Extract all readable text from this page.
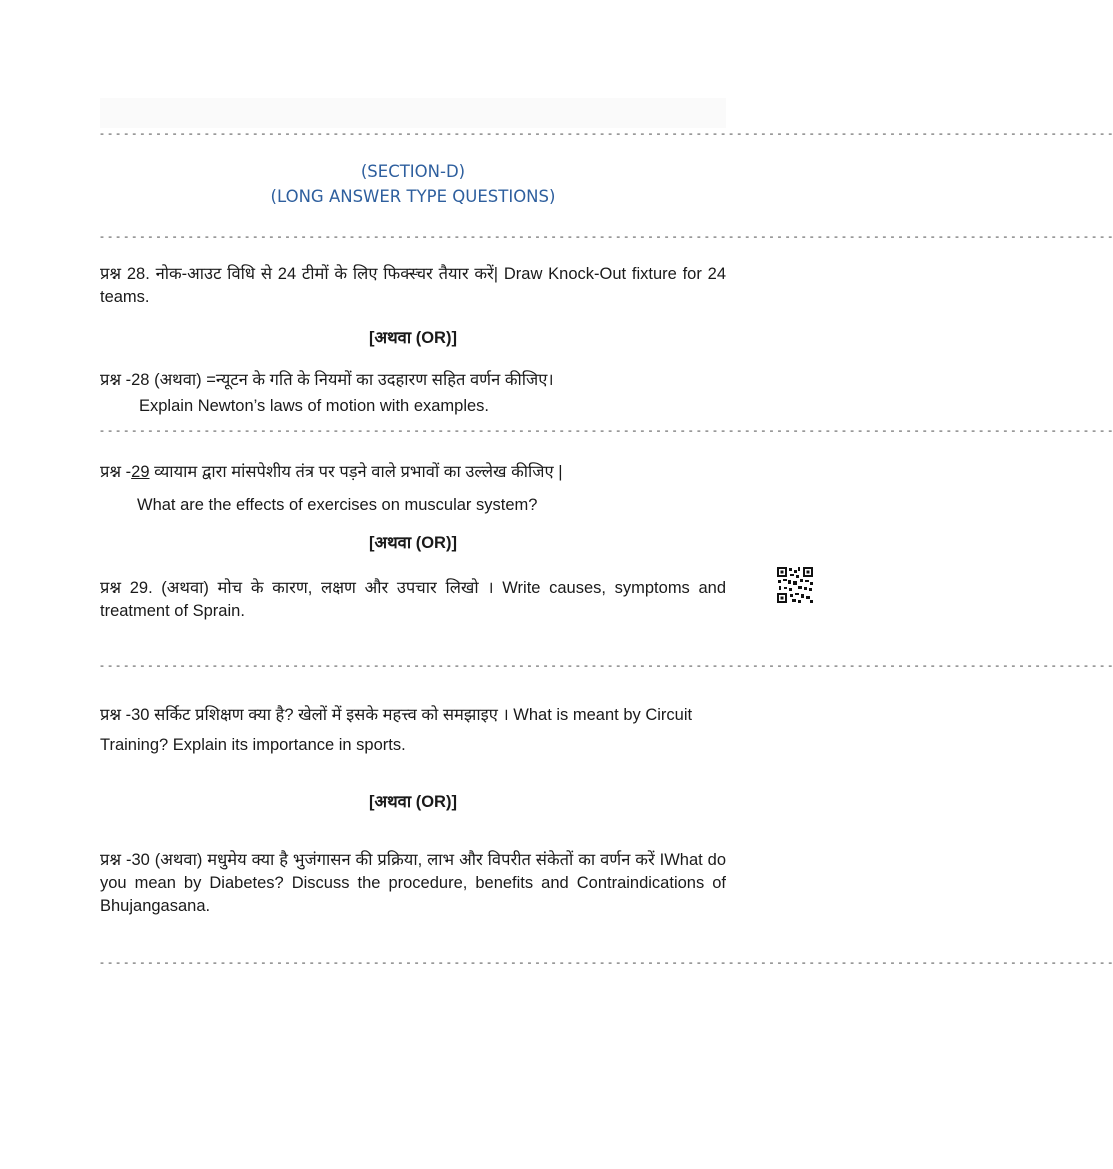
- - - - - - - - - - - - - - - - - - - - - - - - - - - - - - - - - - - - - - - - - - - - - - - - - - - - - - - - - - - - - - - - - - - - - - - - - - - - - - - - - - - - - - - - - - - - - - - - - - - - - - - - - - - - - - - - - - - - - - - - - - - - - -
(SECTION-D)
(LONG ANSWER TYPE QUESTIONS)
- - - - - - - - - - - - - - - - - - - - - - - - - - - - - - - - - - - - - - - - - - - - - - - - - - - - - - - - - - - - - - - - - - - - - - - - - - - - - - - - - - - - - - - - - - - - - - - - - - - - - - - - - - - - - - - - - - - - - - - - - - - - - -
प्रश्न 28. नोक-आउट विधि से 24 टीमों के लिए फिक्स्चर तैयार करें| Draw Knock-Out fixture for 24 teams.
[अथवा (OR)]
प्रश्न -28 (अथवा) =न्यूटन के गति के नियमों का उदहारण सहित वर्णन कीजिए।
Explain Newton’s laws of motion with examples.
- - - - - - - - - - - - - - - - - - - - - - - - - - - - - - - - - - - - - - - - - - - - - - - - - - - - - - - - - - - - - - - - - - - - - - - - - - - - - - - - - - - - - - - - - - - - - - - - - - - - - - - - - - - - - - - - - - - - - - - - - - - - - -
प्रश्न -29 व्यायाम द्वारा मांसपेशीय तंत्र पर पड़ने वाले प्रभावों का उल्लेख कीजिए |
What are the effects of exercises on muscular system?
[अथवा (OR)]
प्रश्न 29. (अथवा) मोच के कारण, लक्षण और उपचार लिखो । Write causes, symptoms and treatment of Sprain.
- - - - - - - - - - - - - - - - - - - - - - - - - - - - - - - - - - - - - - - - - - - - - - - - - - - - - - - - - - - - - - - - - - - - - - - - - - - - - - - - - - - - - - - - - - - - - - - - - - - - - - - - - - - - - - - - - - - - - - - - - - - - - -
प्रश्न -30 सर्किट प्रशिक्षण क्या है? खेलों में इसके महत्त्व को समझाइए । What is meant by Circuit Training? Explain its importance in sports.
[अथवा (OR)]
प्रश्न -30 (अथवा) मधुमेय क्या है भुजंगासन की प्रक्रिया, लाभ और विपरीत संकेतों का वर्णन करें IWhat do you mean by Diabetes? Discuss the procedure, benefits and Contraindications of Bhujangasana.
- - - - - - - - - - - - - - - - - - - - - - - - - - - - - - - - - - - - - - - - - - - - - - - - - - - - - - - - - - - - - - - - - - - - - - - - - - - - - - - - - - - - - - - - - - - - - - - - - - - - - - - - - - - - - - - - - - - - - - - - - - - - - -
